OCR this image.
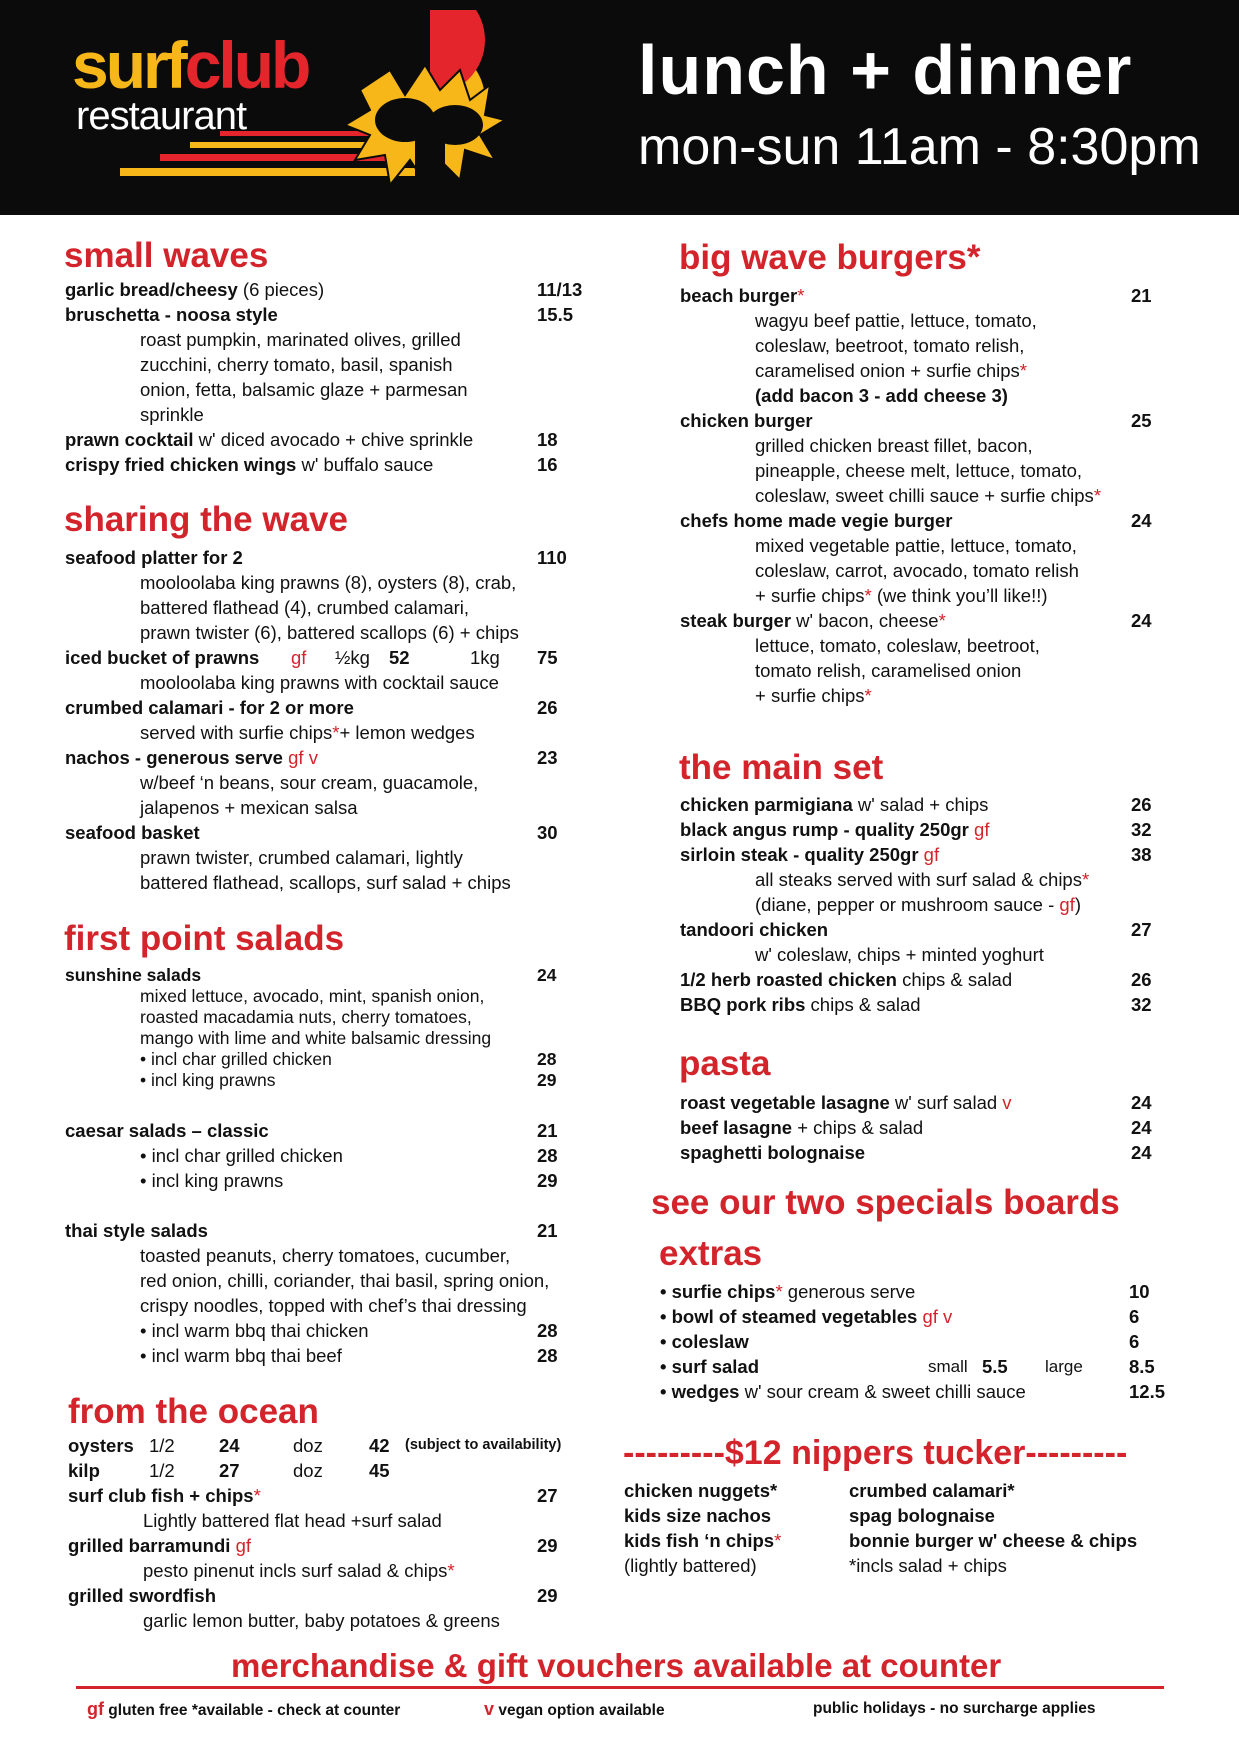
surfclub
restaurant
lunch + dinner
mon-sun 11am - 8:30pm
small waves
garlic bread/cheesy (6 pieces)	11/13
bruschetta - noosa style	15.5
roast pumpkin, marinated olives, grilled
zucchini, cherry tomato, basil, spanish
onion, fetta, balsamic glaze + parmesan
sprinkle
prawn cocktail w' diced avocado + chive sprinkle	18
crispy fried chicken wings w' buffalo sauce	16
sharing the wave
seafood platter for 2	110
mooloolaba king prawns (8), oysters (8), crab,
battered flathead (4), crumbed calamari,
prawn twister (6), battered scallops (6) + chips
iced bucket of prawns gf ½kg 52	1kg 75
mooloolaba king prawns with cocktail sauce
crumbed calamari - for 2 or more	26
served with surfie chips*+ lemon wedges
nachos - generous serve gf v	23
w/beef ‘n beans, sour cream, guacamole,
jalapenos + mexican salsa
seafood basket	30
prawn twister, crumbed calamari, lightly
battered flathead, scallops, surf salad + chips
first point salads
sunshine salads	24
mixed lettuce, avocado, mint, spanish onion,
roasted macadamia nuts, cherry tomatoes,
mango with lime and white balsamic dressing
• incl char grilled chicken	28
• incl king prawns	29
caesar salads – classic	21
• incl char grilled chicken	28
• incl king prawns	29
thai style salads	21
toasted peanuts, cherry tomatoes, cucumber,
red onion, chilli, coriander, thai basil, spring onion,
crispy noodles, topped with chef’s thai dressing
• incl warm bbq thai chicken	28
• incl warm bbq thai beef	28
from the ocean
oysters 1/2 24	doz 42 (subject to availability)
kilp	1/2 27	doz 45
surf club fish + chips*	27
Lightly battered flat head +surf salad
grilled barramundi gf	29
pesto pinenut incls surf salad & chips*
grilled swordfish	29
garlic lemon butter, baby potatoes & greens
big wave burgers*
beach burger*	21
wagyu beef pattie, lettuce, tomato,
coleslaw, beetroot, tomato relish,
caramelised onion + surfie chips*
(add bacon 3 - add cheese 3)
chicken burger	25
grilled chicken breast fillet, bacon,
pineapple, cheese melt, lettuce, tomato,
coleslaw, sweet chilli sauce + surfie chips*
chefs home made vegie burger	24
mixed vegetable pattie, lettuce, tomato,
coleslaw, carrot, avocado, tomato relish
+ surfie chips* (we think you’ll like!!)
steak burger w' bacon, cheese*	24
lettuce, tomato, coleslaw, beetroot,
tomato relish, caramelised onion
+ surfie chips*
the main set
chicken parmigiana w' salad + chips	26
black angus rump - quality 250gr gf	32
sirloin steak - quality 250gr gf	38
all steaks served with surf salad & chips*
(diane, pepper or mushroom sauce - gf)
tandoori chicken	27
w' coleslaw, chips + minted yoghurt
1/2 herb roasted chicken chips & salad	26
BBQ pork ribs chips & salad	32
pasta
roast vegetable lasagne w' surf salad v	24
beef lasagne + chips & salad	24
spaghetti bolognaise	24
see our two specials boards
extras
• surfie chips* generous serve	10
• bowl of steamed vegetables gf v	6
• coleslaw	6
• surf salad	small 5.5 large 8.5
• wedges w' sour cream & sweet chilli sauce	12.5
---------$12 nippers tucker---------
chicken nuggets*
kids size nachos
kids fish ‘n chips*
(lightly battered)
crumbed calamari*
spag bolognaise
bonnie burger w' cheese & chips
*incls salad + chips
merchandise & gift vouchers available at counter
gf gluten free *available - check at counter	v vegan option available	public holidays - no surcharge applies
